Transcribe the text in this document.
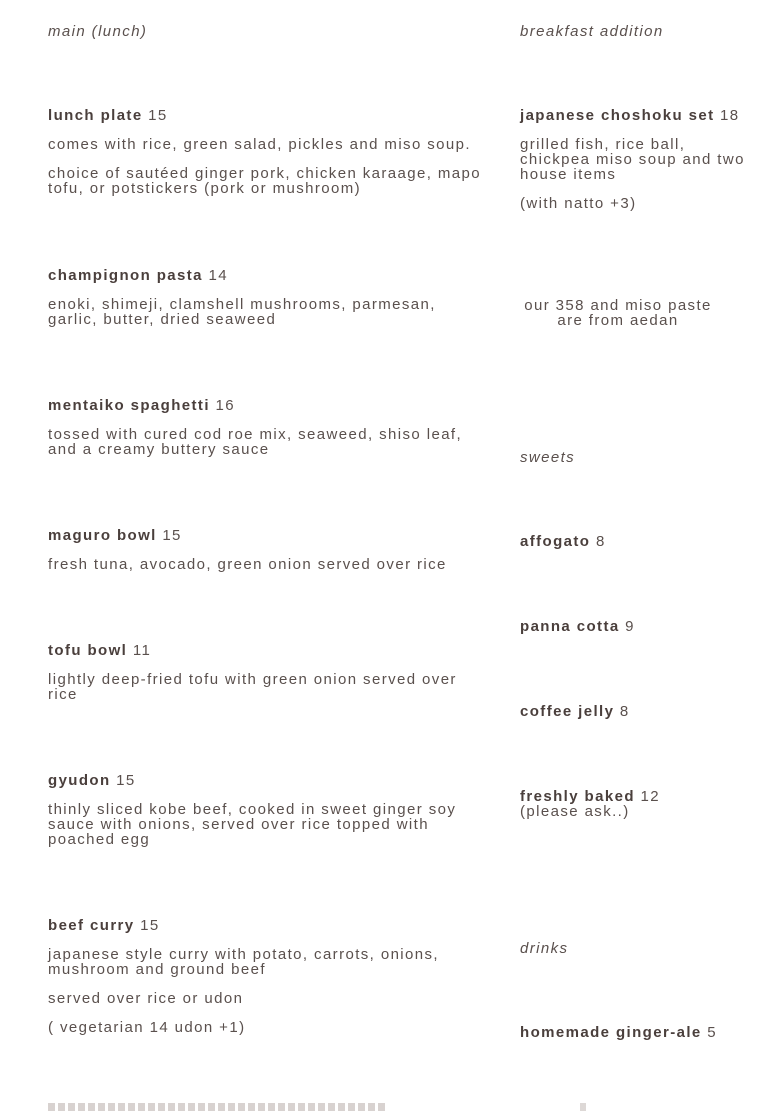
main (lunch)
lunch plate 15
comes with rice, green salad, pickles and miso soup.
choice of sautéed ginger pork, chicken karaage, mapo tofu, or potstickers (pork or mushroom)
champignon pasta 14
enoki, shimeji, clamshell mushrooms, parmesan, garlic, butter, dried seaweed
mentaiko spaghetti 16
tossed with cured cod roe mix, seaweed, shiso leaf, and a creamy buttery sauce
maguro bowl 15
fresh tuna, avocado, green onion served over rice
tofu bowl 11
lightly deep-fried tofu with green onion served over rice
gyudon 15
thinly sliced kobe beef, cooked in sweet ginger soy sauce with onions, served over rice topped with poached egg
beef curry 15
japanese style curry with potato, carrots, onions, mushroom and ground beef
served over rice or udon
( vegetarian 14 udon +1)
breakfast addition
japanese choshoku set 18
grilled fish, rice ball, chickpea miso soup and two house items
(with natto +3)
our 358 and miso paste are from aedan
sweets
affogato 8
panna cotta 9
coffee jelly 8
freshly baked 12
(please ask..)
drinks
homemade ginger-ale 5
